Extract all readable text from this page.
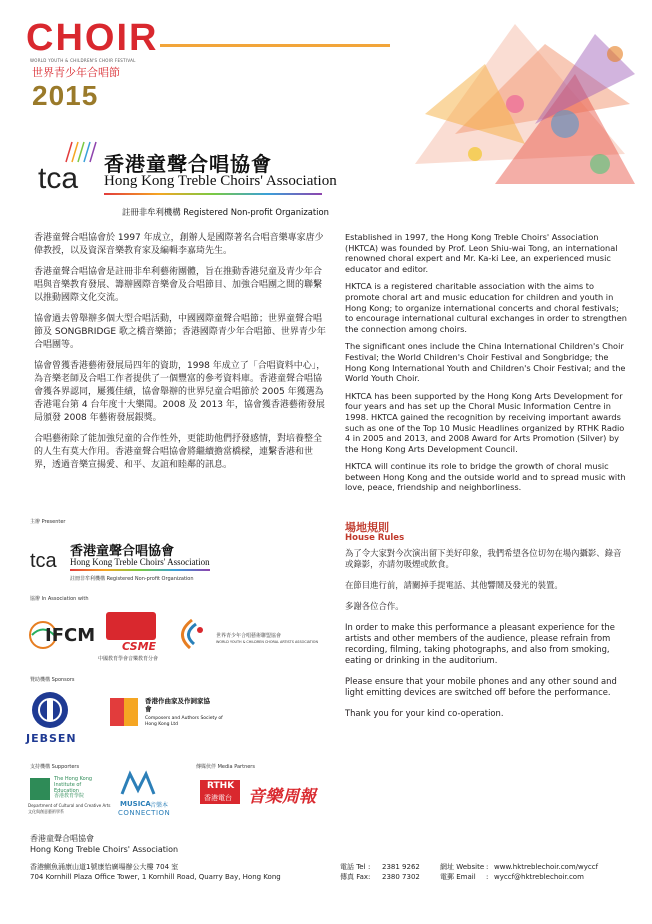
CHOIR
WORLD YOUTH & CHILDREN'S CHOIR FESTIVAL
世界青少年合唱節
2015
tca 香港童聲合唱協會
Hong Kong Treble Choirs' Association
註冊非牟利機構 Registered Non-profit Organization

香港童聲合唱協會於 1997 年成立，創辦人是國際著名合唱音樂專家唐少偉教授，以及資深音樂教育家及編輯李嘉琦先生。

香港童聲合唱協會是註冊非牟利藝術團體，旨在推動香港兒童及青少年合唱與音樂教育發展、籌辦國際音樂會及合唱節目、加強合唱團之間的聯繫以推動國際文化交流。

協會過去曾舉辦多個大型合唱活動，中國國際童聲合唱節；世界童聲合唱節及 SONGBRIDGE 歌之橋音樂節；香港國際青少年合唱節、世界青少年合唱團等。

協會曾獲香港藝術發展局四年的資助，1998 年成立了「合唱資料中心」，為音樂老師及合唱工作者提供了一個豐富的參考資料庫。香港童聲合唱協會獲各界認同，屢獲佳績，協會舉辦的世界兒童合唱節於 2005 年獲選為香港電台第 4 台年度十大樂聞。2008 及 2013 年，協會獲香港藝術發展局頒發 2008 年藝術發展銀獎。

合唱藝術除了能加強兒童的合作性外，更能助他們抒發感情，對培養整全的人生有莫大作用。香港童聲合唱協會將繼續擔當橋樑，連繫香港和世界，透過音樂宣揚愛、和平、友誼和睦鄰的訊息。

Established in 1997, the Hong Kong Treble Choirs' Association (HKTCA) was founded by Prof. Leon Shiu-wai Tong, an international renowned choral expert and Mr. Ka-ki Lee, an experienced music educator and editor.

HKTCA is a registered charitable association with the aims to promote choral art and music education for children and youth in Hong Kong; to organize international concerts and choral festivals; to encourage international cultural exchanges in order to strengthen the connection among choirs.

The significant ones include the China International Children's Choir Festival; the World Children's Choir Festival and Songbridge; the Hong Kong International Youth and Children's Choir Festival; and the World Youth Choir.

HKTCA has been supported by the Hong Kong Arts Development for four years and has set up the Choral Music Information Centre in 1998. HKTCA gained the recognition by receiving important awards such as one of the Top 10 Music Headlines organized by RTHK Radio 4 in 2005 and 2013, and 2008 Award for Arts Promotion (Silver) by the Hong Kong Arts Development Council.

HKTCA will continue its role to bridge the growth of choral music between Hong Kong and the outside world and to spread music with love, peace, friendship and neighborliness.

主辦 Presenter
tca 香港童聲合唱協會
Hong Kong Treble Choirs' Association
註冊非牟利機構 Registered Non-profit Organization
協辦 In Association with
IFCM
CSME
中國教育學會音樂教育分會
世界青少年合唱藝術聯盟協會
WORLD YOUTH & CHILDREN CHORAL ARTISTS ASSOCIATION
贊助機構 Sponsors
JEBSEN
香港作曲家及作詞家協會
Composers and Authors Society of Hong Kong Ltd
支持機構 Supporters	傳媒伙伴 Media Partners
The Hong Kong Institute of Education
香港教育學院
Department of Cultural and Creative Arts
文化與創意藝術學系
MUSICA 音樂本
CONNECTION
RTHK
香港電台 音樂周報
場地規則
House Rules

為了令大家對今次演出留下美好印象，我們希望各位切勿在場內攝影、錄音或錄影，亦請勿吸煙或飲食。

在節目進行前，請關掉手提電話、其他響鬧及發光的裝置。

多謝各位合作。

In order to make this performance a pleasant experience for the artists and other members of the audience, please refrain from recording, filming, taking photographs, and also from smoking, eating or drinking in the auditorium.

Please ensure that your mobile phones and any other sound and light emitting devices are switched off before the performance.

Thank you for your kind co-operation.

香港童聲合唱協會
Hong Kong Treble Choirs' Association
香港鰂魚涌康山道1號康怡廣場辦公大樓 704 室
704 Kornhill Plaza Office Tower, 1 Kornhill Road, Quarry Bay, Hong Kong
電話 Tel : 2381 9262
傳真 Fax : 2380 7302
網址 Website : www.hktreblechoir.com/wyccf
電郵 Email : wyccf@hktreblechoir.com
